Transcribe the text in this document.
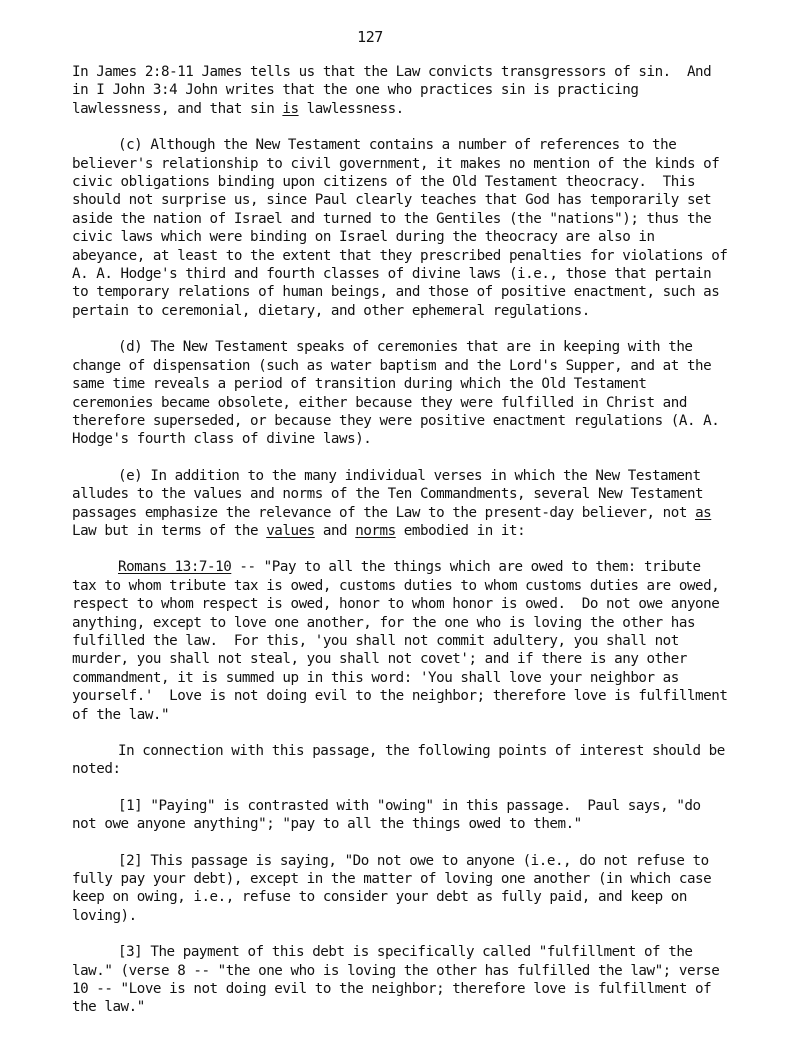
127

In James 2:8-11 James tells us that the Law convicts transgressors of sin.  And in I John 3:4 John writes that the one who practices sin is practicing lawlessness, and that sin is lawlessness.

(c) Although the New Testament contains a number of references to the believer's relationship to civil government, it makes no mention of the kinds of civic obligations binding upon citizens of the Old Testament theocracy.  This should not surprise us, since Paul clearly teaches that God has temporarily set aside the nation of Israel and turned to the Gentiles (the "nations"); thus the civic laws which were binding on Israel during the theocracy are also in abeyance, at least to the extent that they prescribed penalties for violations of A. A. Hodge's third and fourth classes of divine laws (i.e., those that pertain to temporary relations of human beings, and those of positive enactment, such as pertain to ceremonial, dietary, and other ephemeral regulations.

(d) The New Testament speaks of ceremonies that are in keeping with the change of dispensation (such as water baptism and the Lord's Supper, and at the same time reveals a period of transition during which the Old Testament ceremonies became obsolete, either because they were fulfilled in Christ and therefore superseded, or because they were positive enactment regulations (A. A. Hodge's fourth class of divine laws).

(e) In addition to the many individual verses in which the New Testament alludes to the values and norms of the Ten Commandments, several New Testament passages emphasize the relevance of the Law to the present-day believer, not as Law but in terms of the values and norms embodied in it:

Romans 13:7-10 -- "Pay to all the things which are owed to them: tribute tax to whom tribute tax is owed, customs duties to whom customs duties are owed, respect to whom respect is owed, honor to whom honor is owed.  Do not owe anyone anything, except to love one another, for the one who is loving the other has fulfilled the law.  For this, 'you shall not commit adultery, you shall not murder, you shall not steal, you shall not covet'; and if there is any other commandment, it is summed up in this word: 'You shall love your neighbor as yourself.'  Love is not doing evil to the neighbor; therefore love is fulfillment of the law."

In connection with this passage, the following points of interest should be noted:

[1] "Paying" is contrasted with "owing" in this passage.  Paul says, "do not owe anyone anything"; "pay to all the things owed to them."

[2] This passage is saying, "Do not owe to anyone (i.e., do not refuse to fully pay your debt), except in the matter of loving one another (in which case keep on owing, i.e., refuse to consider your debt as fully paid, and keep on loving).

[3] The payment of this debt is specifically called "fulfillment of the law." (verse 8 -- "the one who is loving the other has fulfilled the law"; verse 10 -- "Love is not doing evil to the neighbor; therefore love is fulfillment of the law."
